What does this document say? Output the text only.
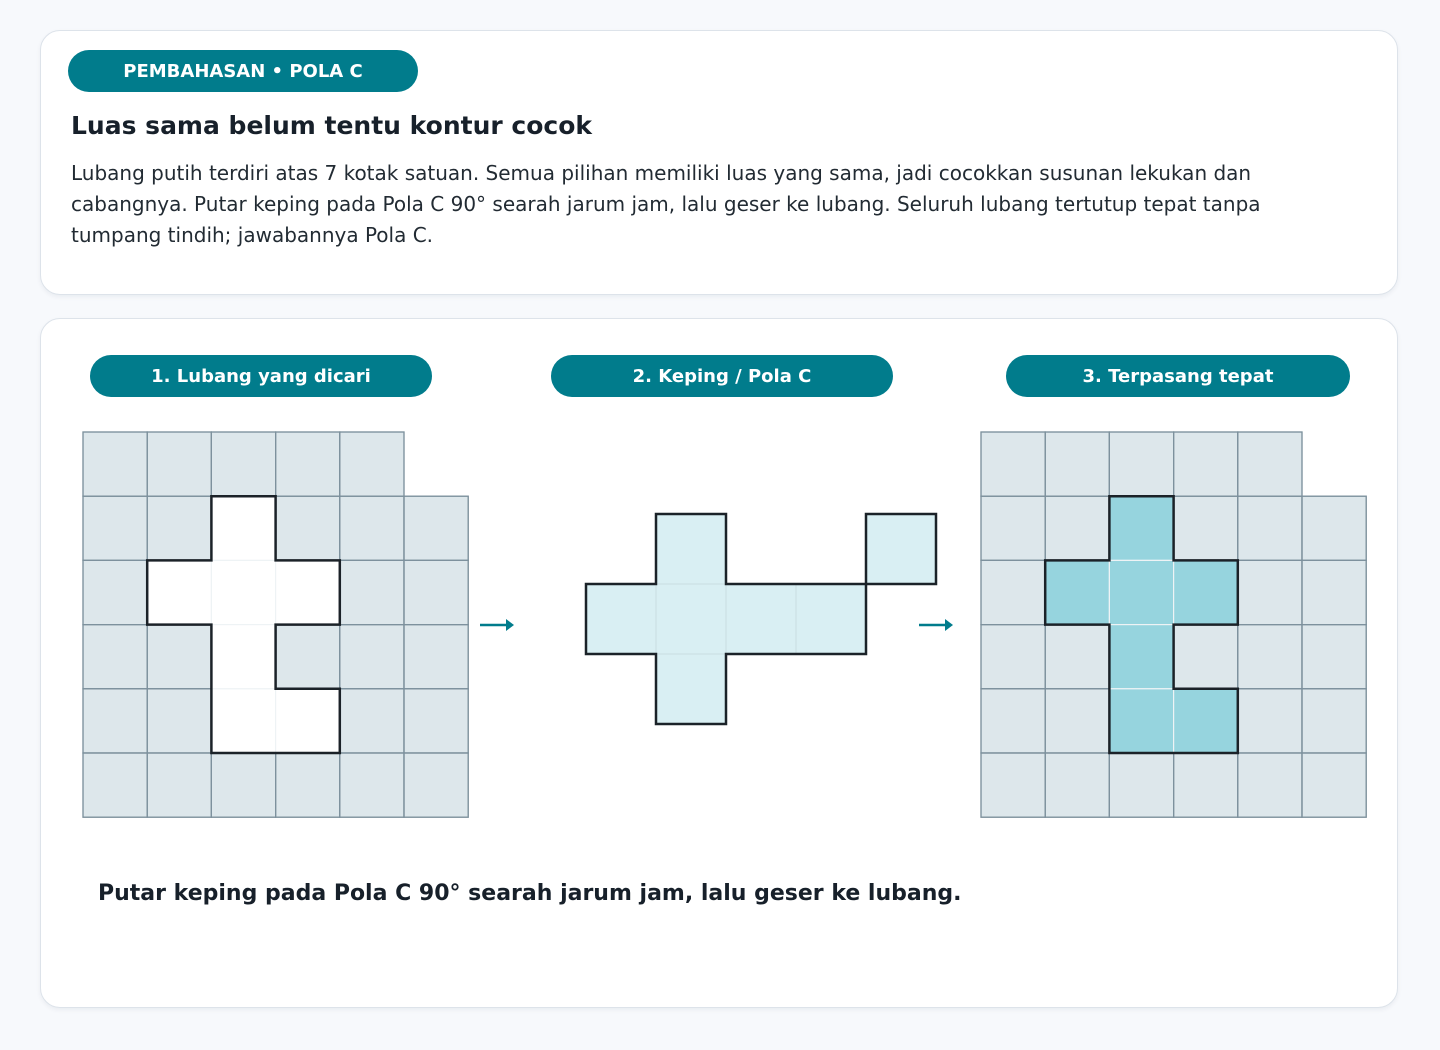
PEMBAHASAN • POLA C
Luas sama belum tentu kontur cocok

Lubang putih terdiri atas 7 kotak satuan. Semua pilihan memiliki luas yang sama, jadi cocokkan susunan lekukan dan cabangnya. Putar keping pada Pola C 90° searah jarum jam, lalu geser ke lubang. Seluruh lubang tertutup tepat tanpa tumpang tindih; jawabannya Pola C.

1. Lubang yang dicari	2. Keping / Pola C	3. Terpasang tepat

Putar keping pada Pola C 90° searah jarum jam, lalu geser ke lubang.
